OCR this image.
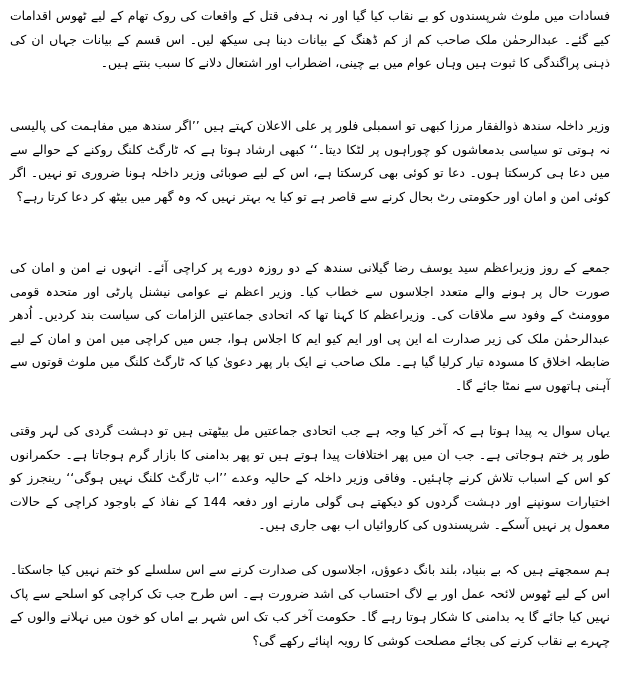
فسادات میں ملوث شرپسندوں کو بے نقاب کیا گیا اور نہ ہدفی قتل کے واقعات کی روک تھام کے لیے ٹھوس اقدامات کیے گئے۔ عبدالرحمٰن ملک صاحب کم از کم ڈھنگ کے بیانات دینا ہی سیکھ لیں۔ اس قسم کے بیانات جہاں ان کی ذہنی پراگندگی کا ثبوت ہیں وہاں عوام میں بے چینی، اضطراب اور اشتعال دلانے کا سبب بنتے ہیں۔

وزیر داخلہ سندھ ذوالفقار مرزا کبھی تو اسمبلی فلور پر علی الاعلان کہتے ہیں ’’اگر سندھ میں مفاہمت کی پالیسی نہ ہوتی تو سیاسی بدمعاشوں کو چوراہوں پر لٹکا دیتا۔‘‘ کبھی ارشاد ہوتا ہے کہ ٹارگٹ کلنگ روکنے کے حوالے سے میں دعا ہی کرسکتا ہوں۔ دعا تو کوئی بھی کرسکتا ہے، اس کے لیے صوبائی وزیر داخلہ ہونا ضروری تو نہیں۔ اگر کوئی امن و امان اور حکومتی رٹ بحال کرنے سے قاصر ہے تو کیا یہ بہتر نہیں کہ وہ گھر میں بیٹھ کر دعا کرتا رہے؟

جمعے کے روز وزیراعظم سید یوسف رضا گیلانی سندھ کے دو روزہ دورے پر کراچی آئے۔ انہوں نے امن و امان کی صورت حال پر ہونے والے متعدد اجلاسوں سے خطاب کیا۔ وزیر اعظم نے عوامی نیشنل پارٹی اور متحدہ قومی موومنٹ کے وفود سے ملاقات کی۔ وزیراعظم کا کہنا تھا کہ اتحادی جماعتیں الزامات کی سیاست بند کردیں۔ اُدھر عبدالرحمٰن ملک کی زیر صدارت اے این پی اور ایم کیو ایم کا اجلاس ہوا، جس میں کراچی میں امن و امان کے لیے ضابطہ اخلاق کا مسودہ تیار کرلیا گیا ہے۔ ملک صاحب نے ایک بار پھر دعویٰ کیا کہ ٹارگٹ کلنگ میں ملوث قوتوں سے آہنی ہاتھوں سے نمٹا جائے گا۔

یہاں سوال یہ پیدا ہوتا ہے کہ آخر کیا وجہ ہے جب اتحادی جماعتیں مل بیٹھتی ہیں تو دہشت گردی کی لہر وقتی طور پر ختم ہوجاتی ہے۔ جب ان میں پھر اختلافات پیدا ہوتے ہیں تو پھر بدامنی کا بازار گرم ہوجاتا ہے۔ حکمرانوں کو اس کے اسباب تلاش کرنے چاہئیں۔ وفاقی وزیر داخلہ کے حالیہ وعدے ’’اب ٹارگٹ کلنگ نہیں ہوگی‘‘ رینجرز کو اختیارات سونپنے اور دہشت گردوں کو دیکھتے ہی گولی مارنے اور دفعہ 144 کے نفاذ کے باوجود کراچی کے حالات معمول پر نہیں آسکے۔ شرپسندوں کی کاروائیاں اب بھی جاری ہیں۔

ہم سمجھتے ہیں کہ بے بنیاد، بلند بانگ دعوؤں، اجلاسوں کی صدارت کرنے سے اس سلسلے کو ختم نہیں کیا جاسکتا۔ اس کے لیے ٹھوس لائحہ عمل اور بے لاگ احتساب کی اشد ضرورت ہے۔ اس طرح جب تک کراچی کو اسلحے سے پاک نہیں کیا جائے گا یہ بدامنی کا شکار ہوتا رہے گا۔ حکومت آخر کب تک اس شہر بے اماں کو خون میں نہلانے والوں کے چہرے بے نقاب کرنے کی بجائے مصلحت کوشی کا رویہ اپنائے رکھے گی؟
